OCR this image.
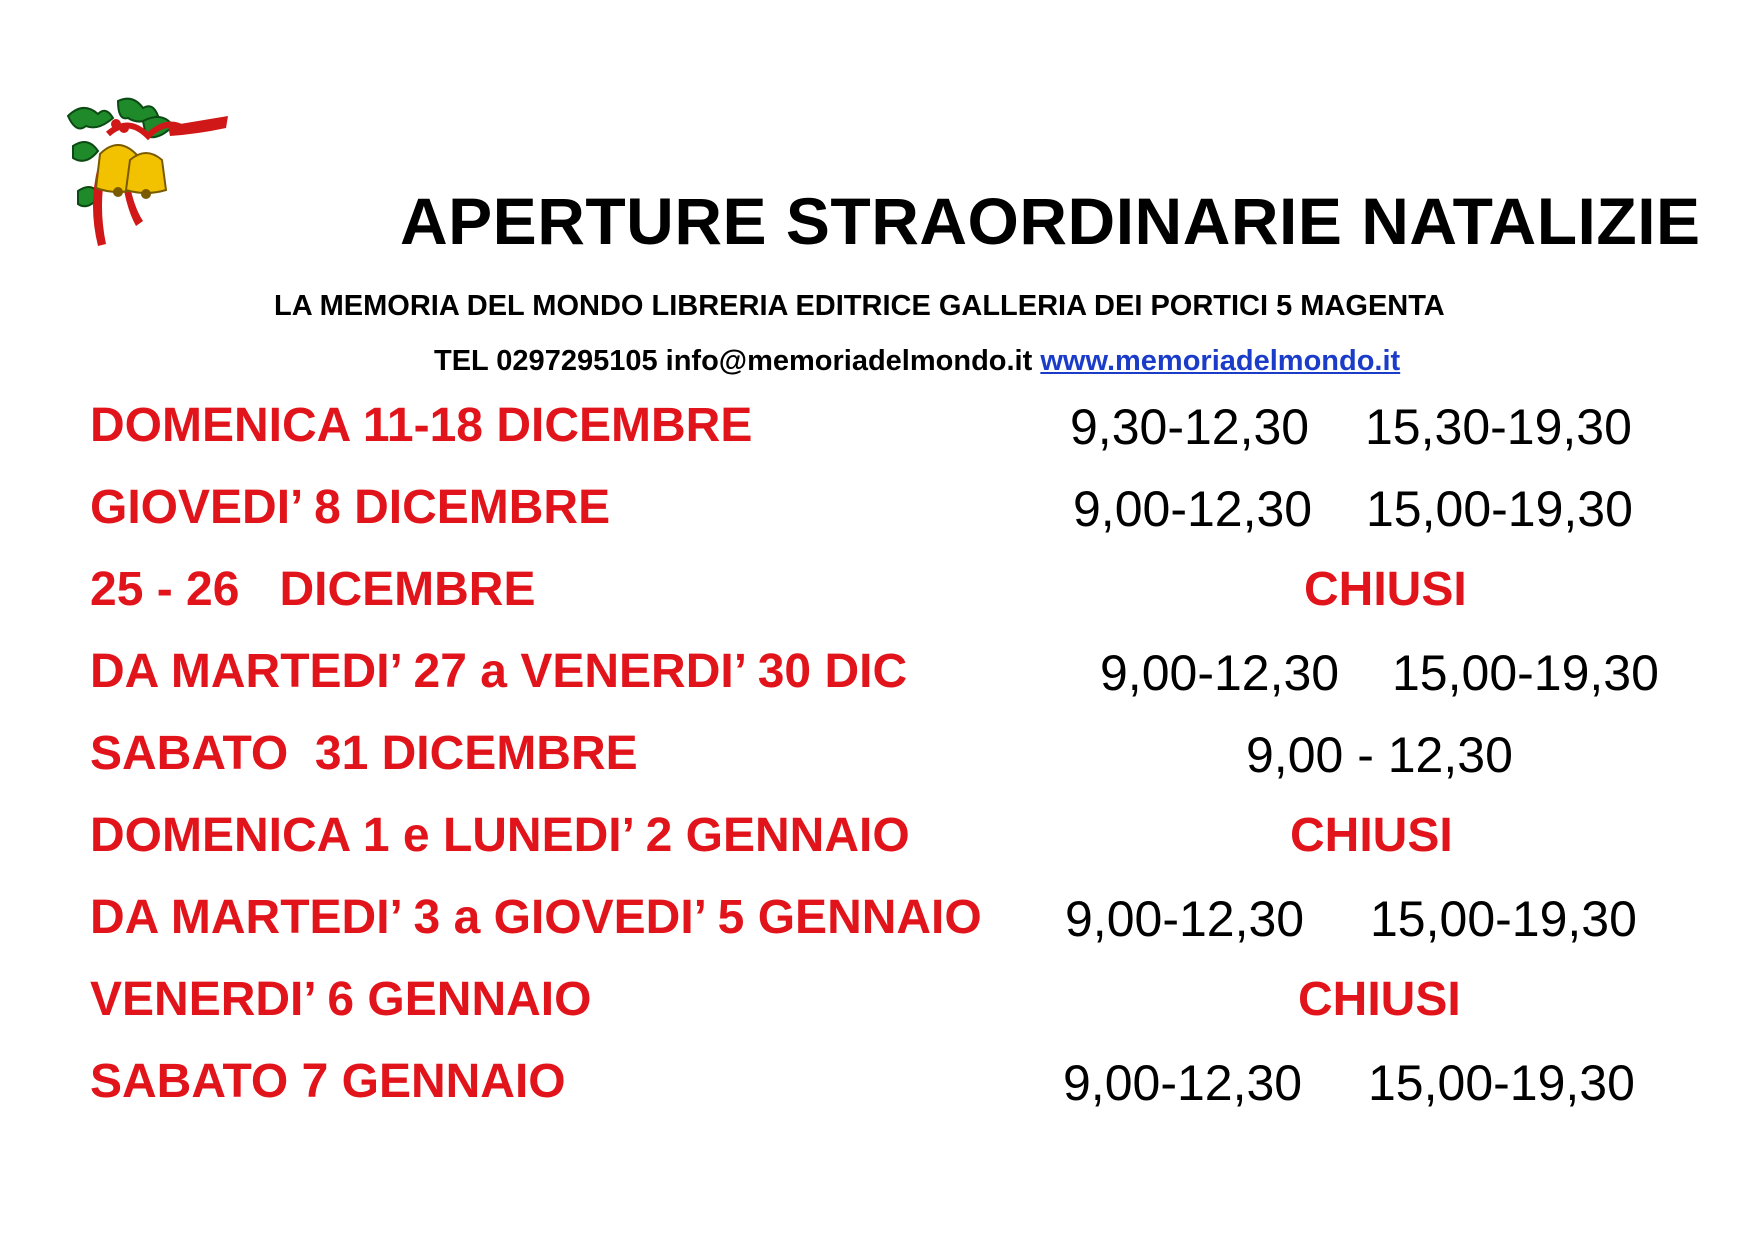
APERTURE STRAORDINARIE NATALIZIE
LA MEMORIA DEL MONDO LIBRERIA EDITRICE GALLERIA DEI PORTICI 5 MAGENTA
TEL 0297295105 info@memoriadelmondo.it www.memoriadelmondo.it
DOMENICA 11-18 DICEMBRE	9,30-12,30 15,30-19,30
GIOVEDI’ 8 DICEMBRE	9,00-12,30 15,00-19,30
25 - 26   DICEMBRE	CHIUSI
DA MARTEDI’ 27 a VENERDI’ 30 DIC	9,00-12,30 15,00-19,30
SABATO  31 DICEMBRE	9,00 - 12,30
DOMENICA 1 e LUNEDI’ 2 GENNAIO	CHIUSI
DA MARTEDI’ 3 a GIOVEDI’ 5 GENNAIO 9,00-12,30 15,00-19,30
VENERDI’ 6 GENNAIO	CHIUSI
SABATO 7 GENNAIO	9,00-12,30 15,00-19,30
